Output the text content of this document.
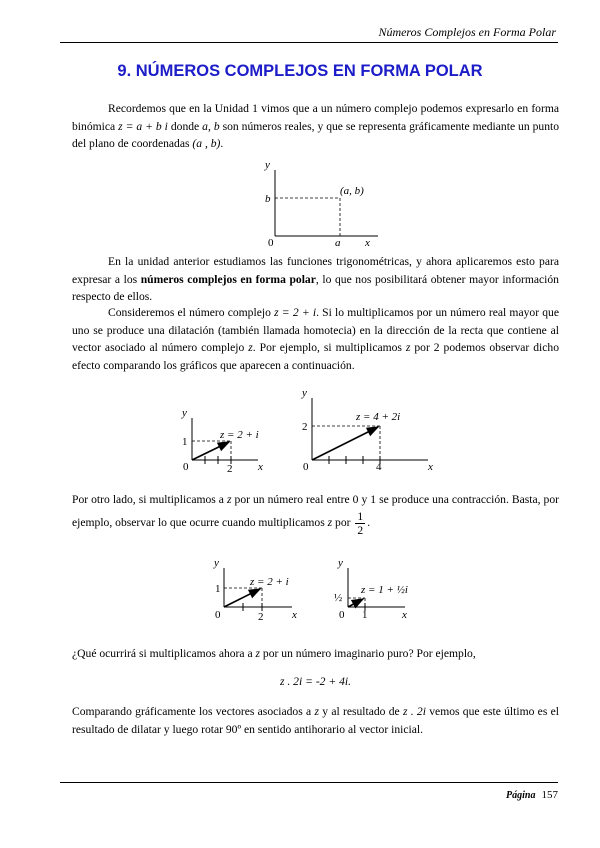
Números Complejos en Forma Polar
9. NÚMEROS COMPLEJOS EN FORMA POLAR

Recordemos que en la Unidad 1 vimos que a un número complejo podemos expresarlo en forma binómica z = a + b i donde a, b son números reales, y que se representa gráficamente mediante un punto del plano de coordenadas (a , b).

En la unidad anterior estudiamos las funciones trigonométricas, y ahora aplicaremos esto para expresar a los números complejos en forma polar, lo que nos posibilitará obtener mayor información respecto de ellos.

Consideremos el número complejo z = 2 + i. Si lo multiplicamos por un número real mayor que uno se produce una dilatación (también llamada homotecia) en la dirección de la recta que contiene al vector asociado al número complejo z. Por ejemplo, si multiplicamos z por 2 podemos observar dicho efecto comparando los gráficos que aparecen a continuación.

Por otro lado, si multiplicamos a z por un número real entre 0 y 1 se produce una contracción. Basta, por ejemplo, observar lo que ocurre cuando multiplicamos z por $\frac{1}{2}$ .

¿Qué ocurrirá si multiplicamos ahora a z por un número imaginario puro? Por ejemplo,

z . 2i = -2 + 4i.

Comparando gráficamente los vectores asociados a z y al resultado de z . 2i vemos que este último es el resultado de dilatar y luego rotar 90º en sentido antihorario al vector inicial.

y
b
(a, b)
0	a x
y
1
z = 2 + i
0	2 x
y
2
z = 4 + 2i
0	4	x
y
1
z = 2 + i
0	2	x
y
½
z = 1 + ½i
0 1	x
Página 157
